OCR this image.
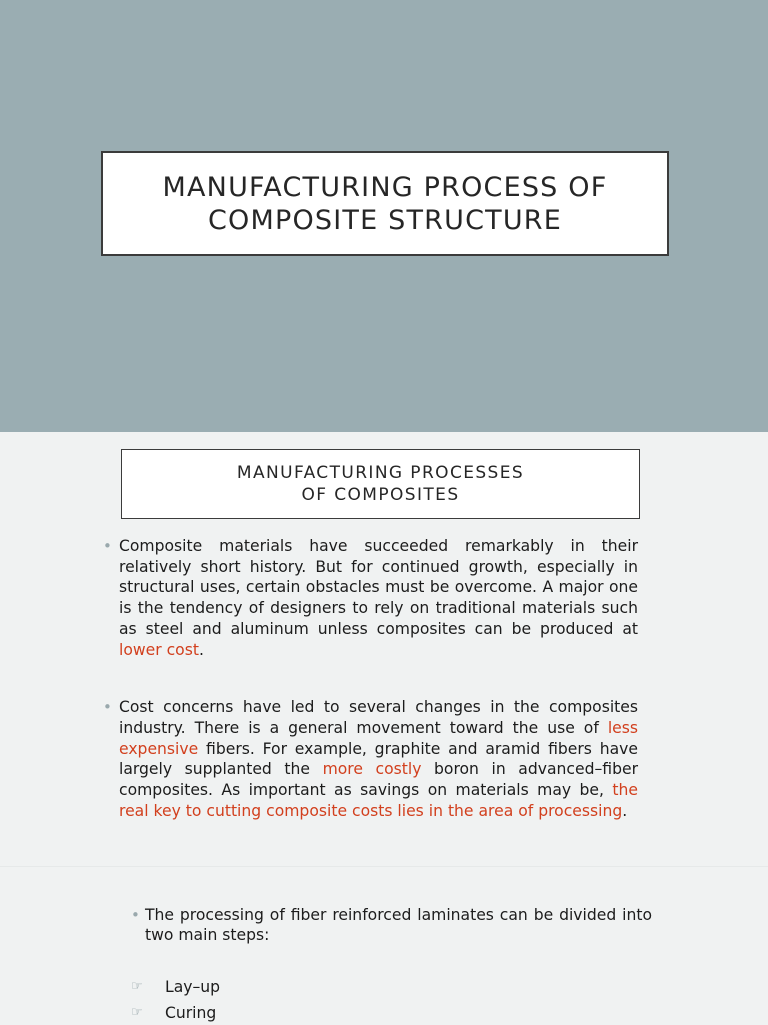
MANUFACTURING PROCESS OF
COMPOSITE STRUCTURE
MANUFACTURING PROCESSES
OF COMPOSITES
• Composite materials have succeeded remarkably in their relatively short history. But for continued growth, especially in structural uses, certain obstacles must be overcome. A major one is the tendency of designers to rely on traditional materials such as steel and aluminum unless composites can be produced at lower cost.
• Cost concerns have led to several changes in the composites industry. There is a general movement toward the use of less expensive fibers. For example, graphite and aramid fibers have largely supplanted the more costly boron in advanced–fiber composites. As important as savings on materials may be, the real key to cutting composite costs lies in the area of processing.
• The processing of fiber reinforced laminates can be divided into two main steps:
☞ Lay–up
☞ Curing
